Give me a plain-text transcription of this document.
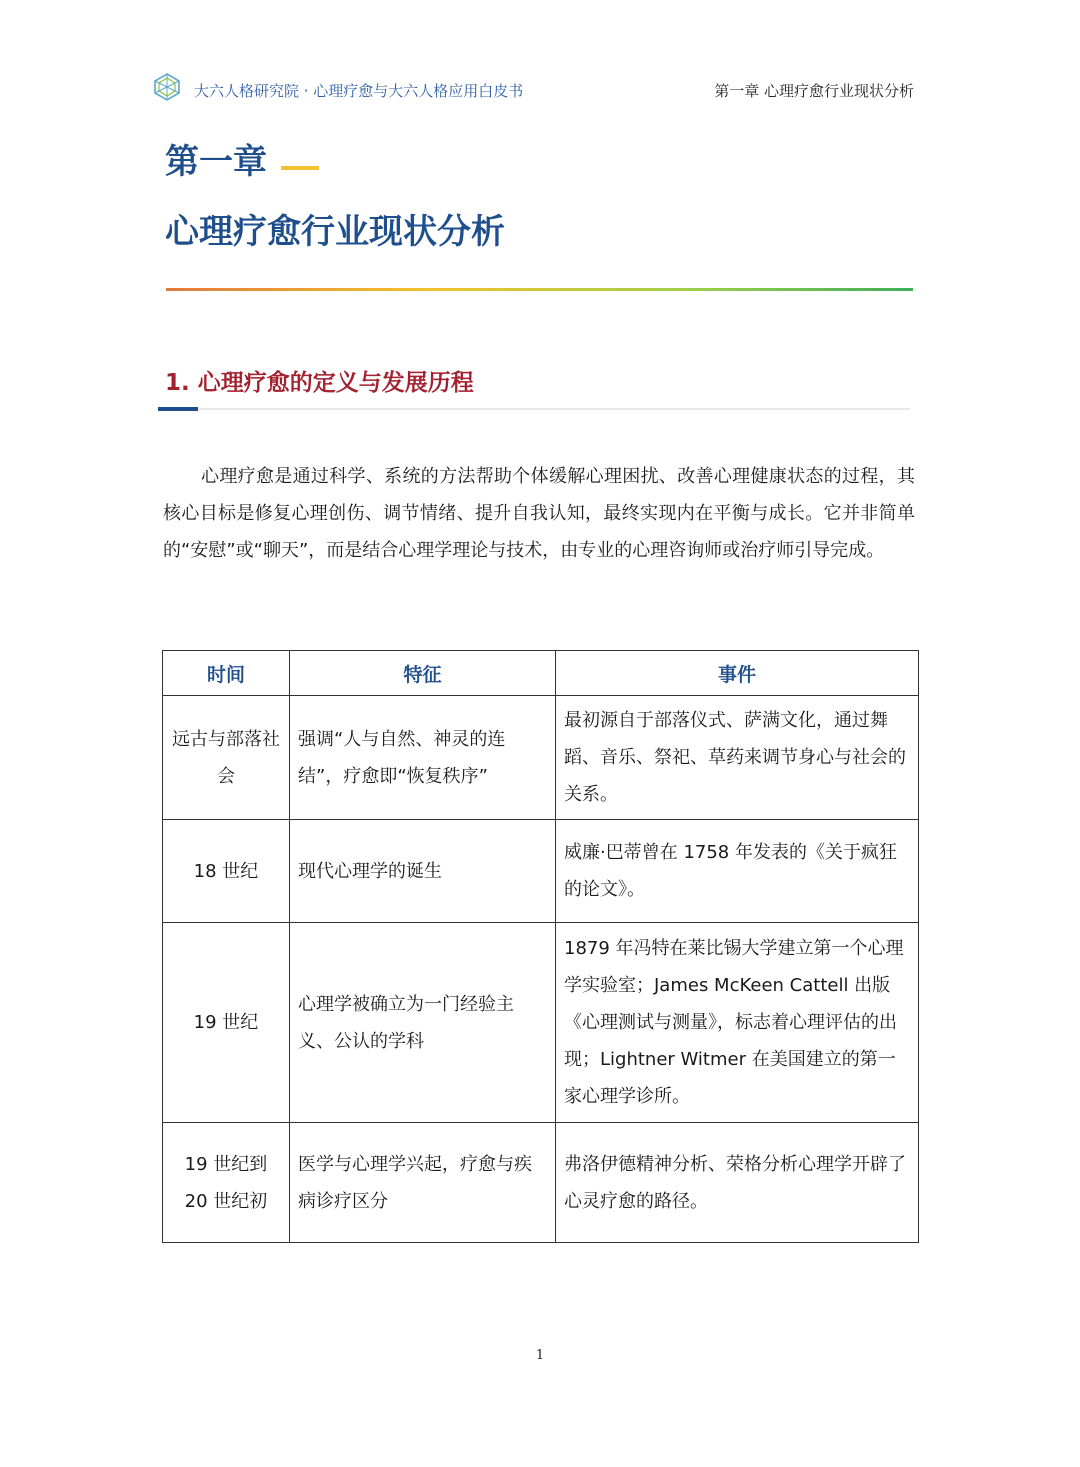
大六人格研究院 · 心理疗愈与大六人格应用白皮书	第一章 心理疗愈行业现状分析
第一章
心理疗愈行业现状分析
1. 心理疗愈的定义与发展历程

心理疗愈是通过科学、系统的方法帮助个体缓解心理困扰、改善心理健康状态的过程，其核心目标是修复心理创伤、调节情绪、提升自我认知，最终实现内在平衡与成长。它并非简单的“安慰”或“聊天”，而是结合心理学理论与技术，由专业的心理咨询师或治疗师引导完成。

时间	特征	事件
远古与部落社会	强调“人与自然、神灵的连结”，疗愈即“恢复秩序”	最初源自于部落仪式、萨满文化，通过舞蹈、音乐、祭祀、草药来调节身心与社会的关系。
18 世纪	现代心理学的诞生	威廉·巴蒂曾在 1758 年发表的《关于疯狂的论文》。
19 世纪	心理学被确立为一门经验主义、公认的学科	1879 年冯特在莱比锡大学建立第一个心理学实验室；James McKeen Cattell 出版《心理测试与测量》，标志着心理评估的出现；Lightner Witmer 在美国建立的第一家心理学诊所。
19 世纪到 20 世纪初	医学与心理学兴起，疗愈与疾病诊疗区分	弗洛伊德精神分析、荣格分析心理学开辟了心灵疗愈的路径。
1
